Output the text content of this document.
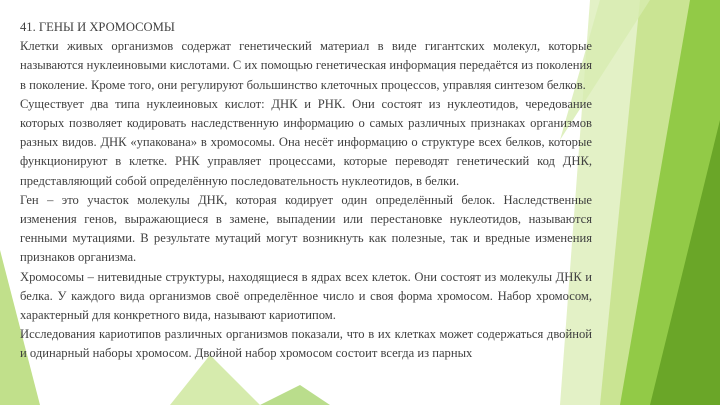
41. ГЕНЫ И ХРОМОСОМЫ

Клетки живых организмов содержат генетический материал в виде гигантских молекул, которые называются нуклеиновыми кислотами. С их помощью генетическая информация передаётся из поколения в поколение. Кроме того, они регулируют большинство клеточных процессов, управляя синтезом белков.

Существует два типа нуклеиновых кислот: ДНК и РНК. Они состоят из нуклеотидов, чередование которых позволяет кодировать наследственную информацию о самых различных признаках организмов разных видов. ДНК «упакована» в хромосомы. Она несёт информацию о структуре всех белков, которые функционируют в клетке. РНК управляет процессами, которые переводят генетический код ДНК, представляющий собой определённую последовательность нуклеотидов, в белки.

Ген – это участок молекулы ДНК, которая кодирует один определённый белок. Наследственные изменения генов, выражающиеся в замене, выпадении или перестановке нуклеотидов, называются генными мутациями. В результате мутаций могут возникнуть как полезные, так и вредные изменения признаков организма.

Хромосомы – нитевидные структуры, находящиеся в ядрах всех клеток. Они состоят из молекулы ДНК и белка. У каждого вида организмов своё определённое число и своя форма хромосом. Набор хромосом, характерный для конкретного вида, называют кариотипом.

Исследования кариотипов различных организмов показали, что в их клетках может содержаться двойной и одинарный наборы хромосом. Двойной набор хромосом состоит всегда из парных
